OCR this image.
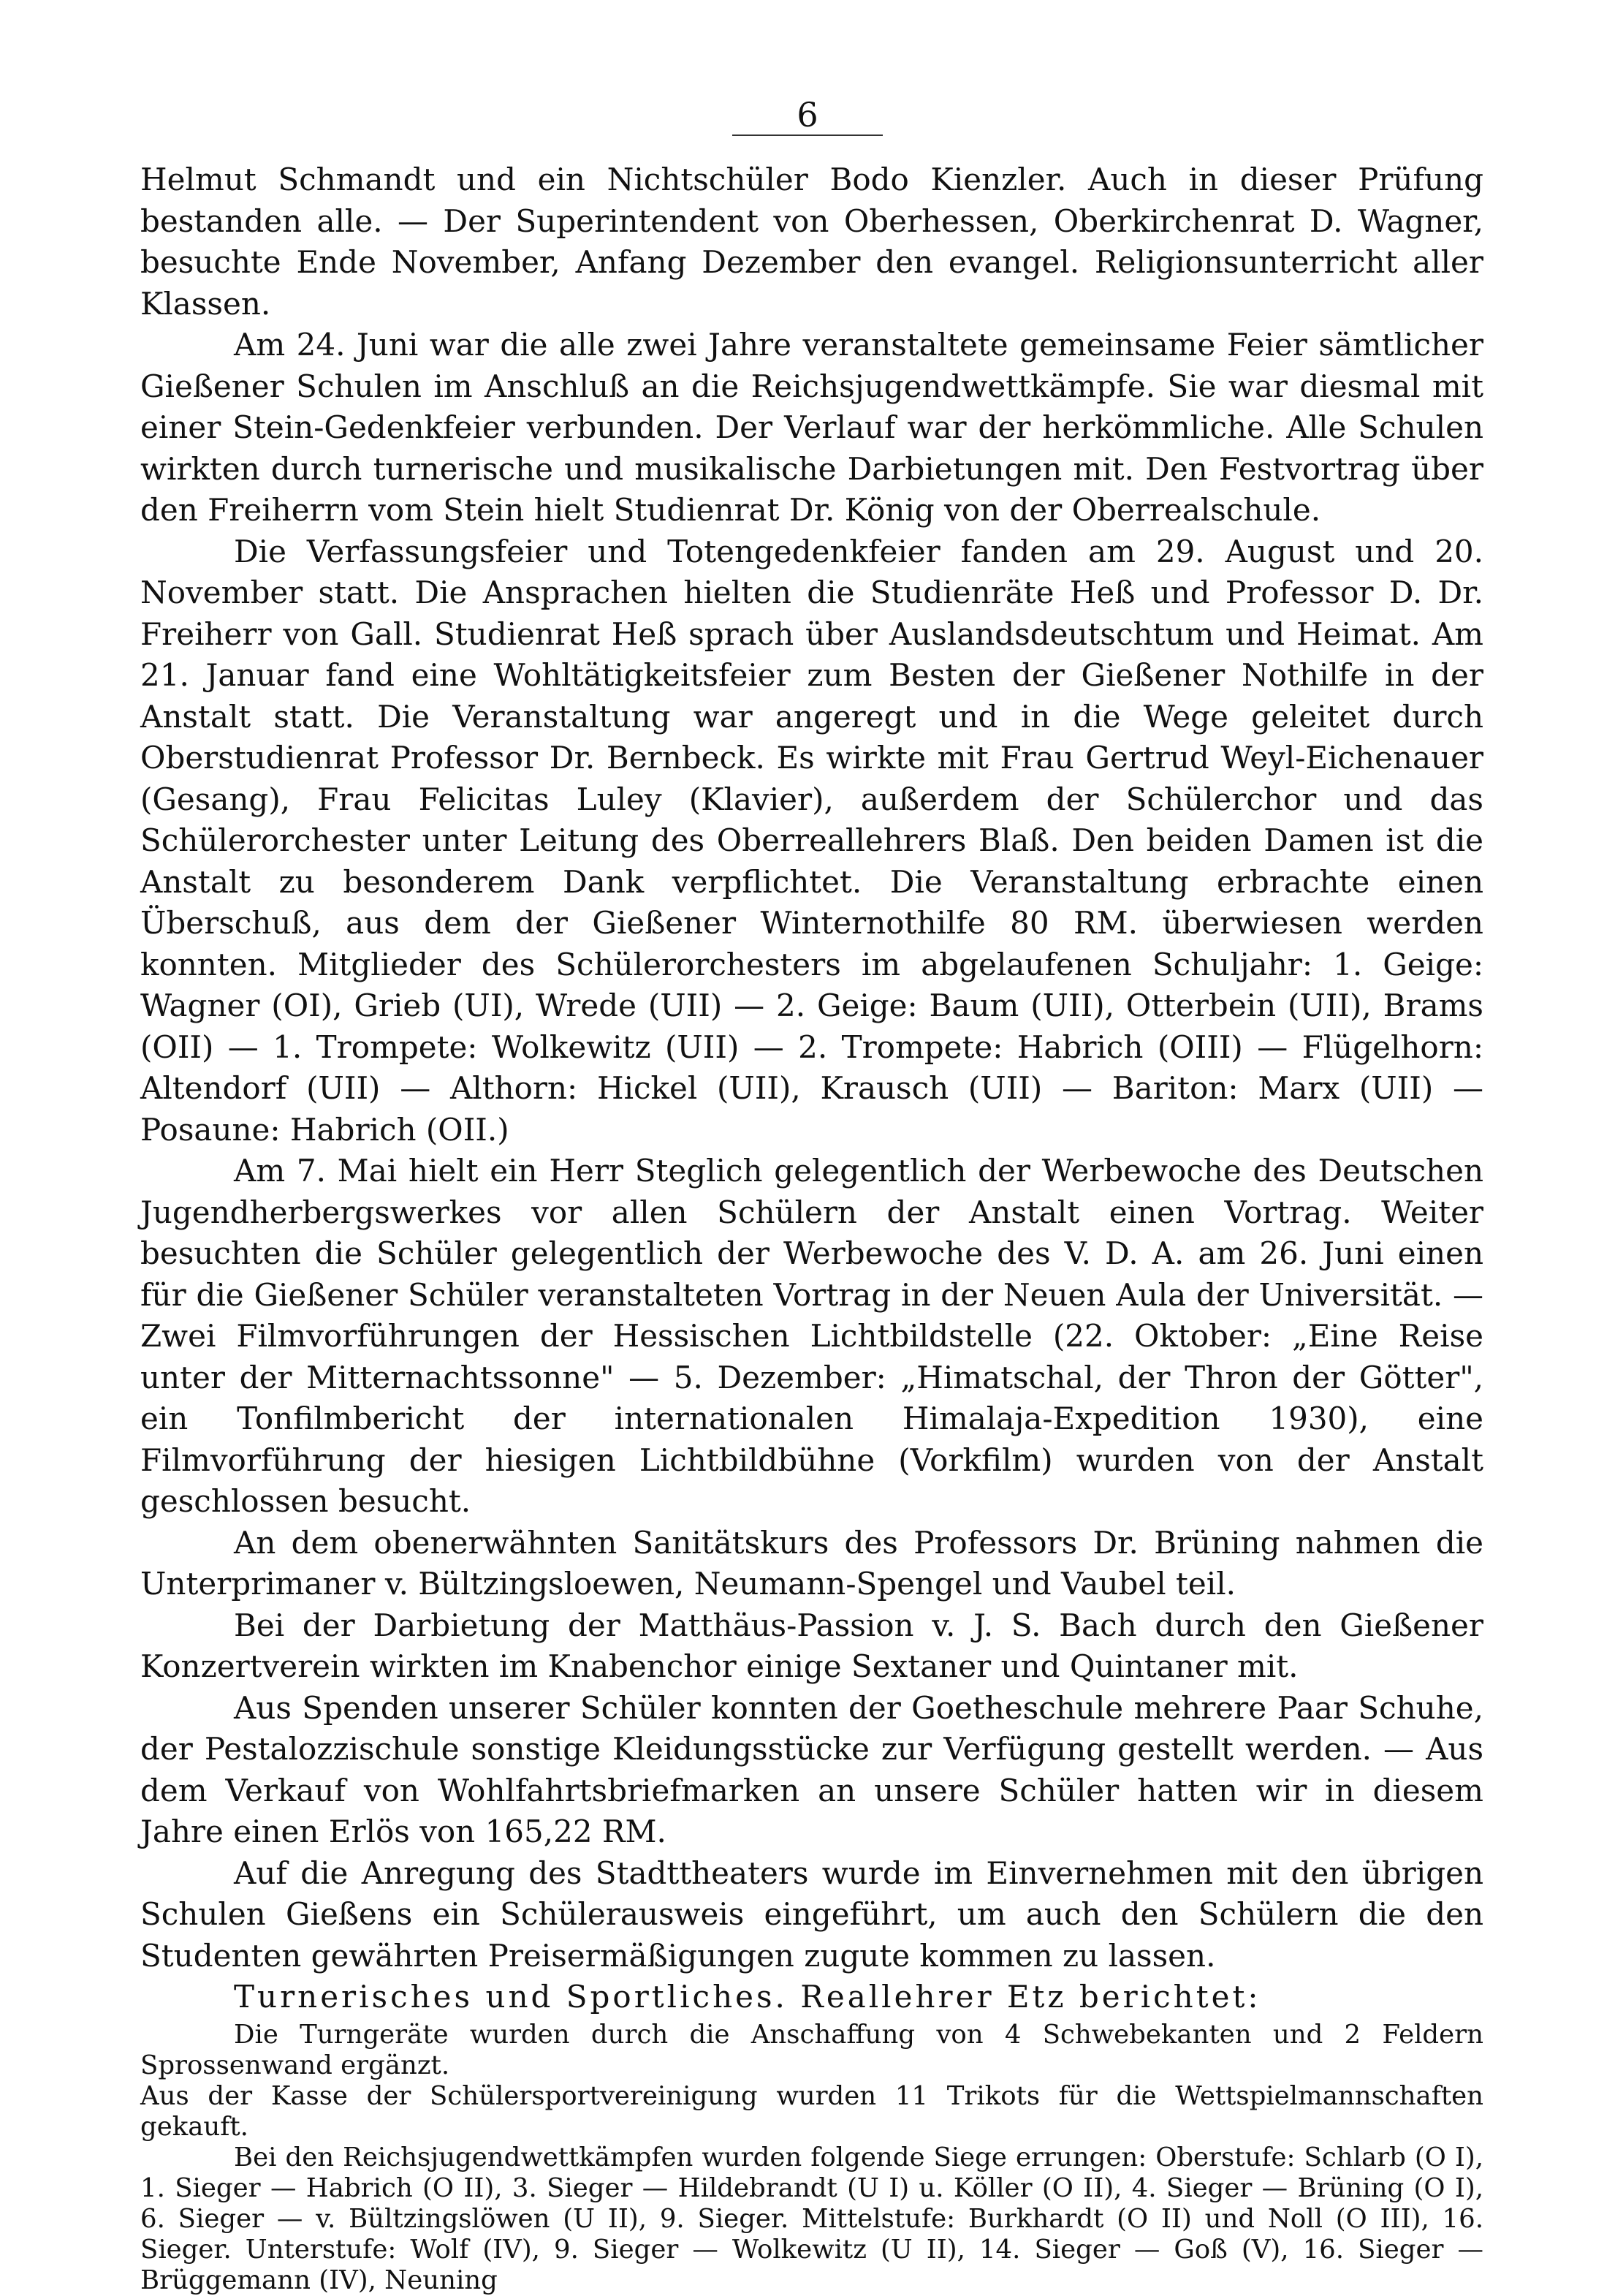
6

Helmut Schmandt und ein Nichtschüler Bodo Kienzler. Auch in dieser Prüfung bestanden alle. — Der Superintendent von Oberhessen, Oberkirchenrat D. Wagner, besuchte Ende November, Anfang Dezember den evangel. Religionsunterricht aller Klassen.

Am 24. Juni war die alle zwei Jahre veranstaltete gemeinsame Feier sämtlicher Gießener Schulen im Anschluß an die Reichsjugendwettkämpfe. Sie war diesmal mit einer Stein-Gedenkfeier verbunden. Der Verlauf war der herkömmliche. Alle Schulen wirkten durch turnerische und musikalische Darbietungen mit. Den Festvortrag über den Freiherrn vom Stein hielt Studienrat Dr. König von der Oberrealschule.

Die Verfassungsfeier und Totengedenkfeier fanden am 29. August und 20. November statt. Die Ansprachen hielten die Studienräte Heß und Professor D. Dr. Freiherr von Gall. Studienrat Heß sprach über Auslandsdeutschtum und Heimat. Am 21. Januar fand eine Wohltätigkeitsfeier zum Besten der Gießener Nothilfe in der Anstalt statt. Die Veranstaltung war angeregt und in die Wege geleitet durch Oberstudienrat Professor Dr. Bernbeck. Es wirkte mit Frau Gertrud Weyl-Eichenauer (Gesang), Frau Felicitas Luley (Klavier), außerdem der Schülerchor und das Schülerorchester unter Leitung des Oberreallehrers Blaß. Den beiden Damen ist die Anstalt zu besonderem Dank verpflichtet. Die Veranstaltung erbrachte einen Überschuß, aus dem der Gießener Winternothilfe 80 RM. überwiesen werden konnten. Mitglieder des Schülerorchesters im abgelaufenen Schuljahr: 1. Geige: Wagner (OI), Grieb (UI), Wrede (UII) — 2. Geige: Baum (UII), Otterbein (UII), Brams (OII) — 1. Trompete: Wolkewitz (UII) — 2. Trompete: Habrich (OIII) — Flügelhorn: Altendorf (UII) — Althorn: Hickel (UII), Krausch (UII) — Bariton: Marx (UII) — Posaune: Habrich (OII.)

Am 7. Mai hielt ein Herr Steglich gelegentlich der Werbewoche des Deutschen Jugendherbergswerkes vor allen Schülern der Anstalt einen Vortrag. Weiter besuchten die Schüler gelegentlich der Werbewoche des V. D. A. am 26. Juni einen für die Gießener Schüler veranstalteten Vortrag in der Neuen Aula der Universität. — Zwei Filmvorführungen der Hessischen Lichtbildstelle (22. Oktober: „Eine Reise unter der Mitternachtssonne" — 5. Dezember: „Himatschal, der Thron der Götter", ein Tonfilmbericht der internationalen Himalaja-Expedition 1930), eine Filmvorführung der hiesigen Lichtbildbühne (Vorkfilm) wurden von der Anstalt geschlossen besucht.

An dem obenerwähnten Sanitätskurs des Professors Dr. Brüning nahmen die Unterprimaner v. Bültzingsloewen, Neumann-Spengel und Vaubel teil.

Bei der Darbietung der Matthäus-Passion v. J. S. Bach durch den Gießener Konzertverein wirkten im Knabenchor einige Sextaner und Quintaner mit.

Aus Spenden unserer Schüler konnten der Goetheschule mehrere Paar Schuhe, der Pestalozzischule sonstige Kleidungsstücke zur Verfügung gestellt werden. — Aus dem Verkauf von Wohlfahrtsbriefmarken an unsere Schüler hatten wir in diesem Jahre einen Erlös von 165,22 RM.

Auf die Anregung des Stadttheaters wurde im Einvernehmen mit den übrigen Schulen Gießens ein Schülerausweis eingeführt, um auch den Schülern die den Studenten gewährten Preisermäßigungen zugute kommen zu lassen.

Turnerisches und Sportliches. Reallehrer Etz berichtet:

Die Turngeräte wurden durch die Anschaffung von 4 Schwebekanten und 2 Feldern Sprossenwand ergänzt.

Aus der Kasse der Schülersportvereinigung wurden 11 Trikots für die Wettspielmannschaften gekauft.

Bei den Reichsjugendwettkämpfen wurden folgende Siege errungen: Oberstufe: Schlarb (O I), 1. Sieger — Habrich (O II), 3. Sieger — Hildebrandt (U I) u. Köller (O II), 4. Sieger — Brüning (O I), 6. Sieger — v. Bültzingslöwen (U II), 9. Sieger. Mittelstufe: Burkhardt (O II) und Noll (O III), 16. Sieger. Unterstufe: Wolf (IV), 9. Sieger — Wolkewitz (U II), 14. Sieger — Goß (V), 16. Sieger — Brüggemann (IV), Neuning
